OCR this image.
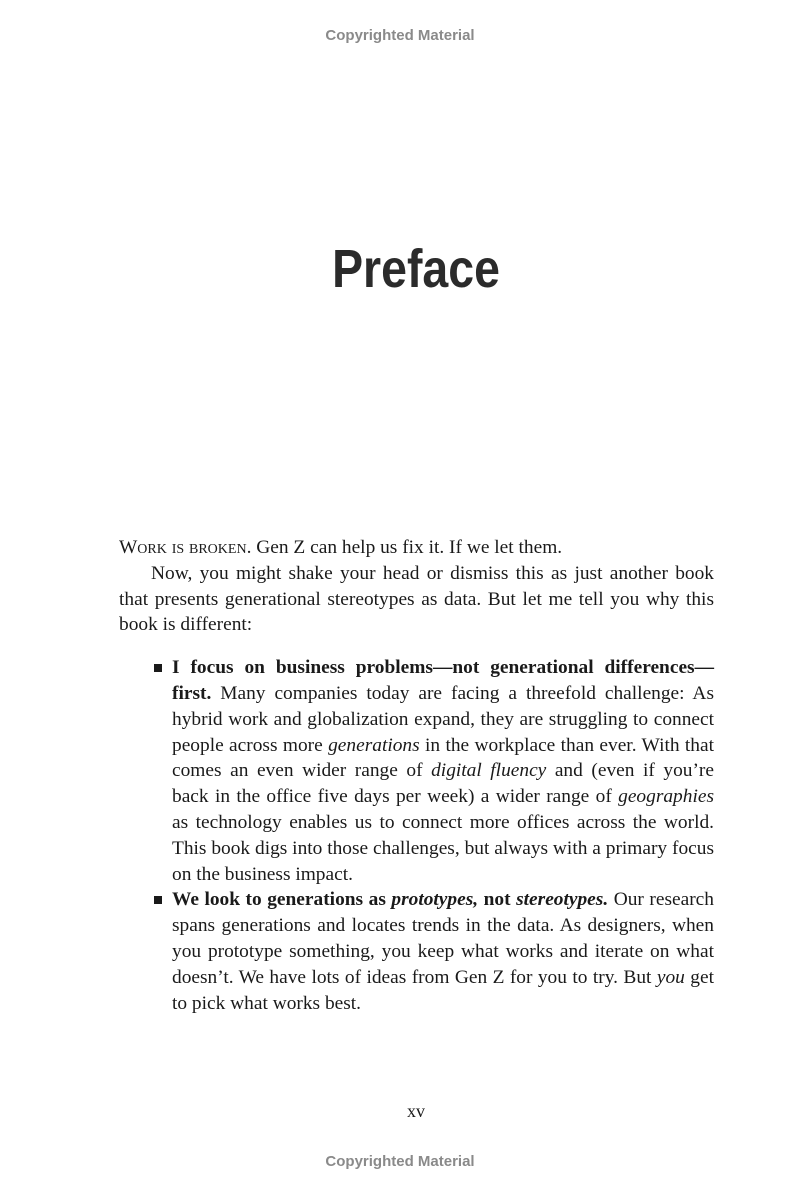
Copyrighted Material
Preface

Work is broken. Gen Z can help us fix it. If we let them.

Now, you might shake your head or dismiss this as just another book that presents generational stereotypes as data. But let me tell you why this book is different:

I focus on business problems—not generational differences—first. Many companies today are facing a threefold challenge: As hybrid work and globalization expand, they are struggling to connect people across more generations in the workplace than ever. With that comes an even wider range of digital fluency and (even if you’re back in the office five days per week) a wider range of geographies as technology enables us to connect more offices across the world. This book digs into those challenges, but always with a primary focus on the business impact.
We look to generations as prototypes, not stereotypes. Our research spans generations and locates trends in the data. As designers, when you prototype something, you keep what works and iterate on what doesn’t. We have lots of ideas from Gen Z for you to try. But you get to pick what works best.
xv
Copyrighted Material
